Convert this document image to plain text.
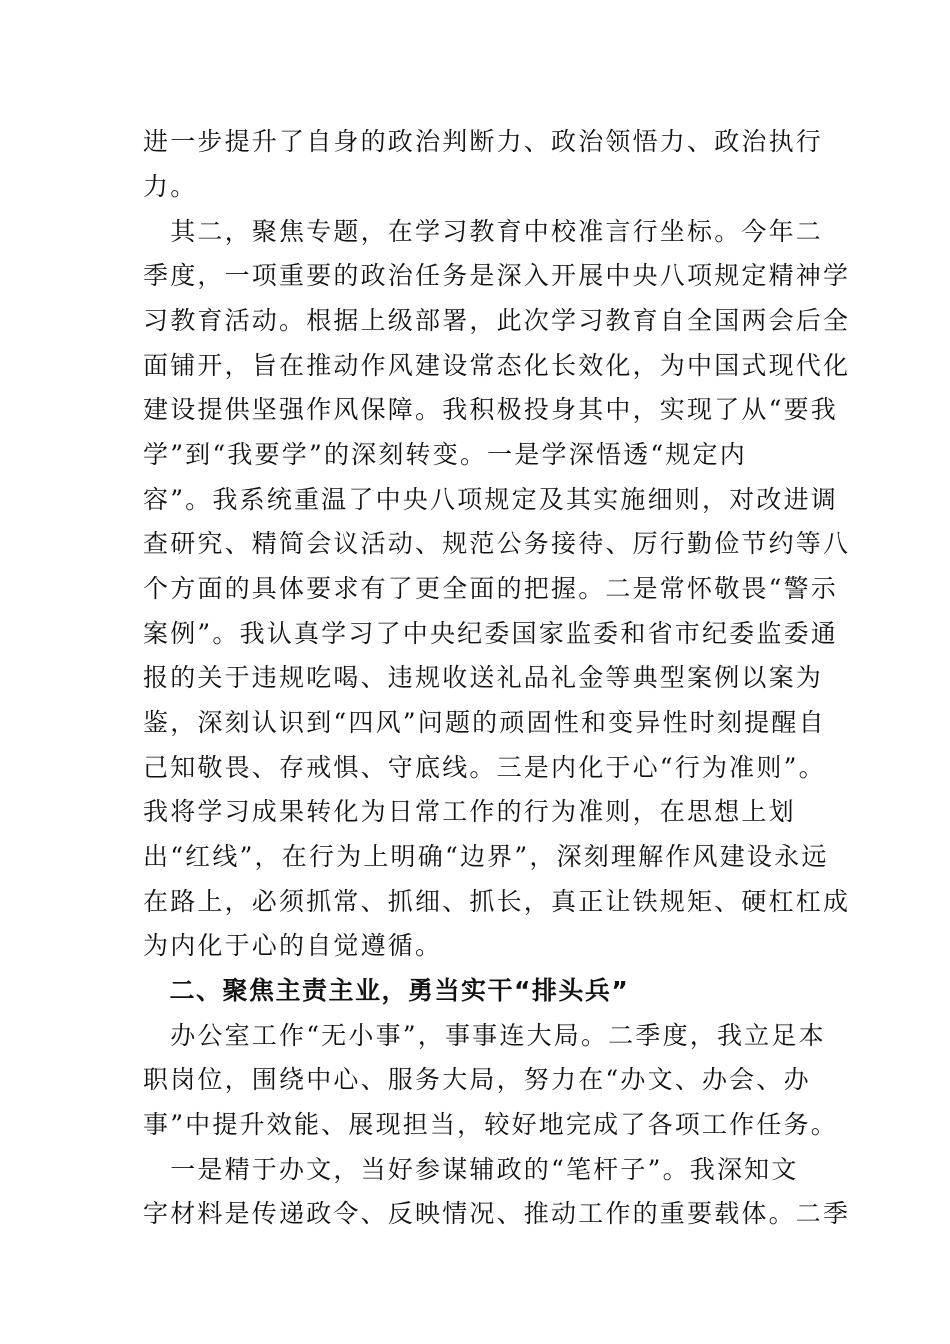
进一步提升了自身的政治判断力、政治领悟力、政治执行
力。
　其二，聚焦专题，在学习教育中校准言行坐标。今年二
季度，一项重要的政治任务是深入开展中央八项规定精神学
习教育活动。根据上级部署，此次学习教育自全国两会后全
面铺开，旨在推动作风建设常态化长效化，为中国式现代化
建设提供坚强作风保障。我积极投身其中，实现了从“要我
学”到“我要学”的深刻转变。一是学深悟透“规定内
容”。我系统重温了中央八项规定及其实施细则，对改进调
查研究、精简会议活动、规范公务接待、厉行勤俭节约等八
个方面的具体要求有了更全面的把握。二是常怀敬畏“警示
案例”。我认真学习了中央纪委国家监委和省市纪委监委通
报的关于违规吃喝、违规收送礼品礼金等典型案例以案为
鉴，深刻认识到“四风”问题的顽固性和变异性时刻提醒自
己知敬畏、存戒惧、守底线。三是内化于心“行为准则”。
我将学习成果转化为日常工作的行为准则，在思想上划
出“红线”，在行为上明确“边界”，深刻理解作风建设永远
在路上，必须抓常、抓细、抓长，真正让铁规矩、硬杠杠成
为内化于心的自觉遵循。
　二、聚焦主责主业，勇当实干“排头兵”
　办公室工作“无小事”，事事连大局。二季度，我立足本
职岗位，围绕中心、服务大局，努力在“办文、办会、办
事”中提升效能、展现担当，较好地完成了各项工作任务。
　一是精于办文，当好参谋辅政的“笔杆子”。我深知文
字材料是传递政令、反映情况、推动工作的重要载体。二季
